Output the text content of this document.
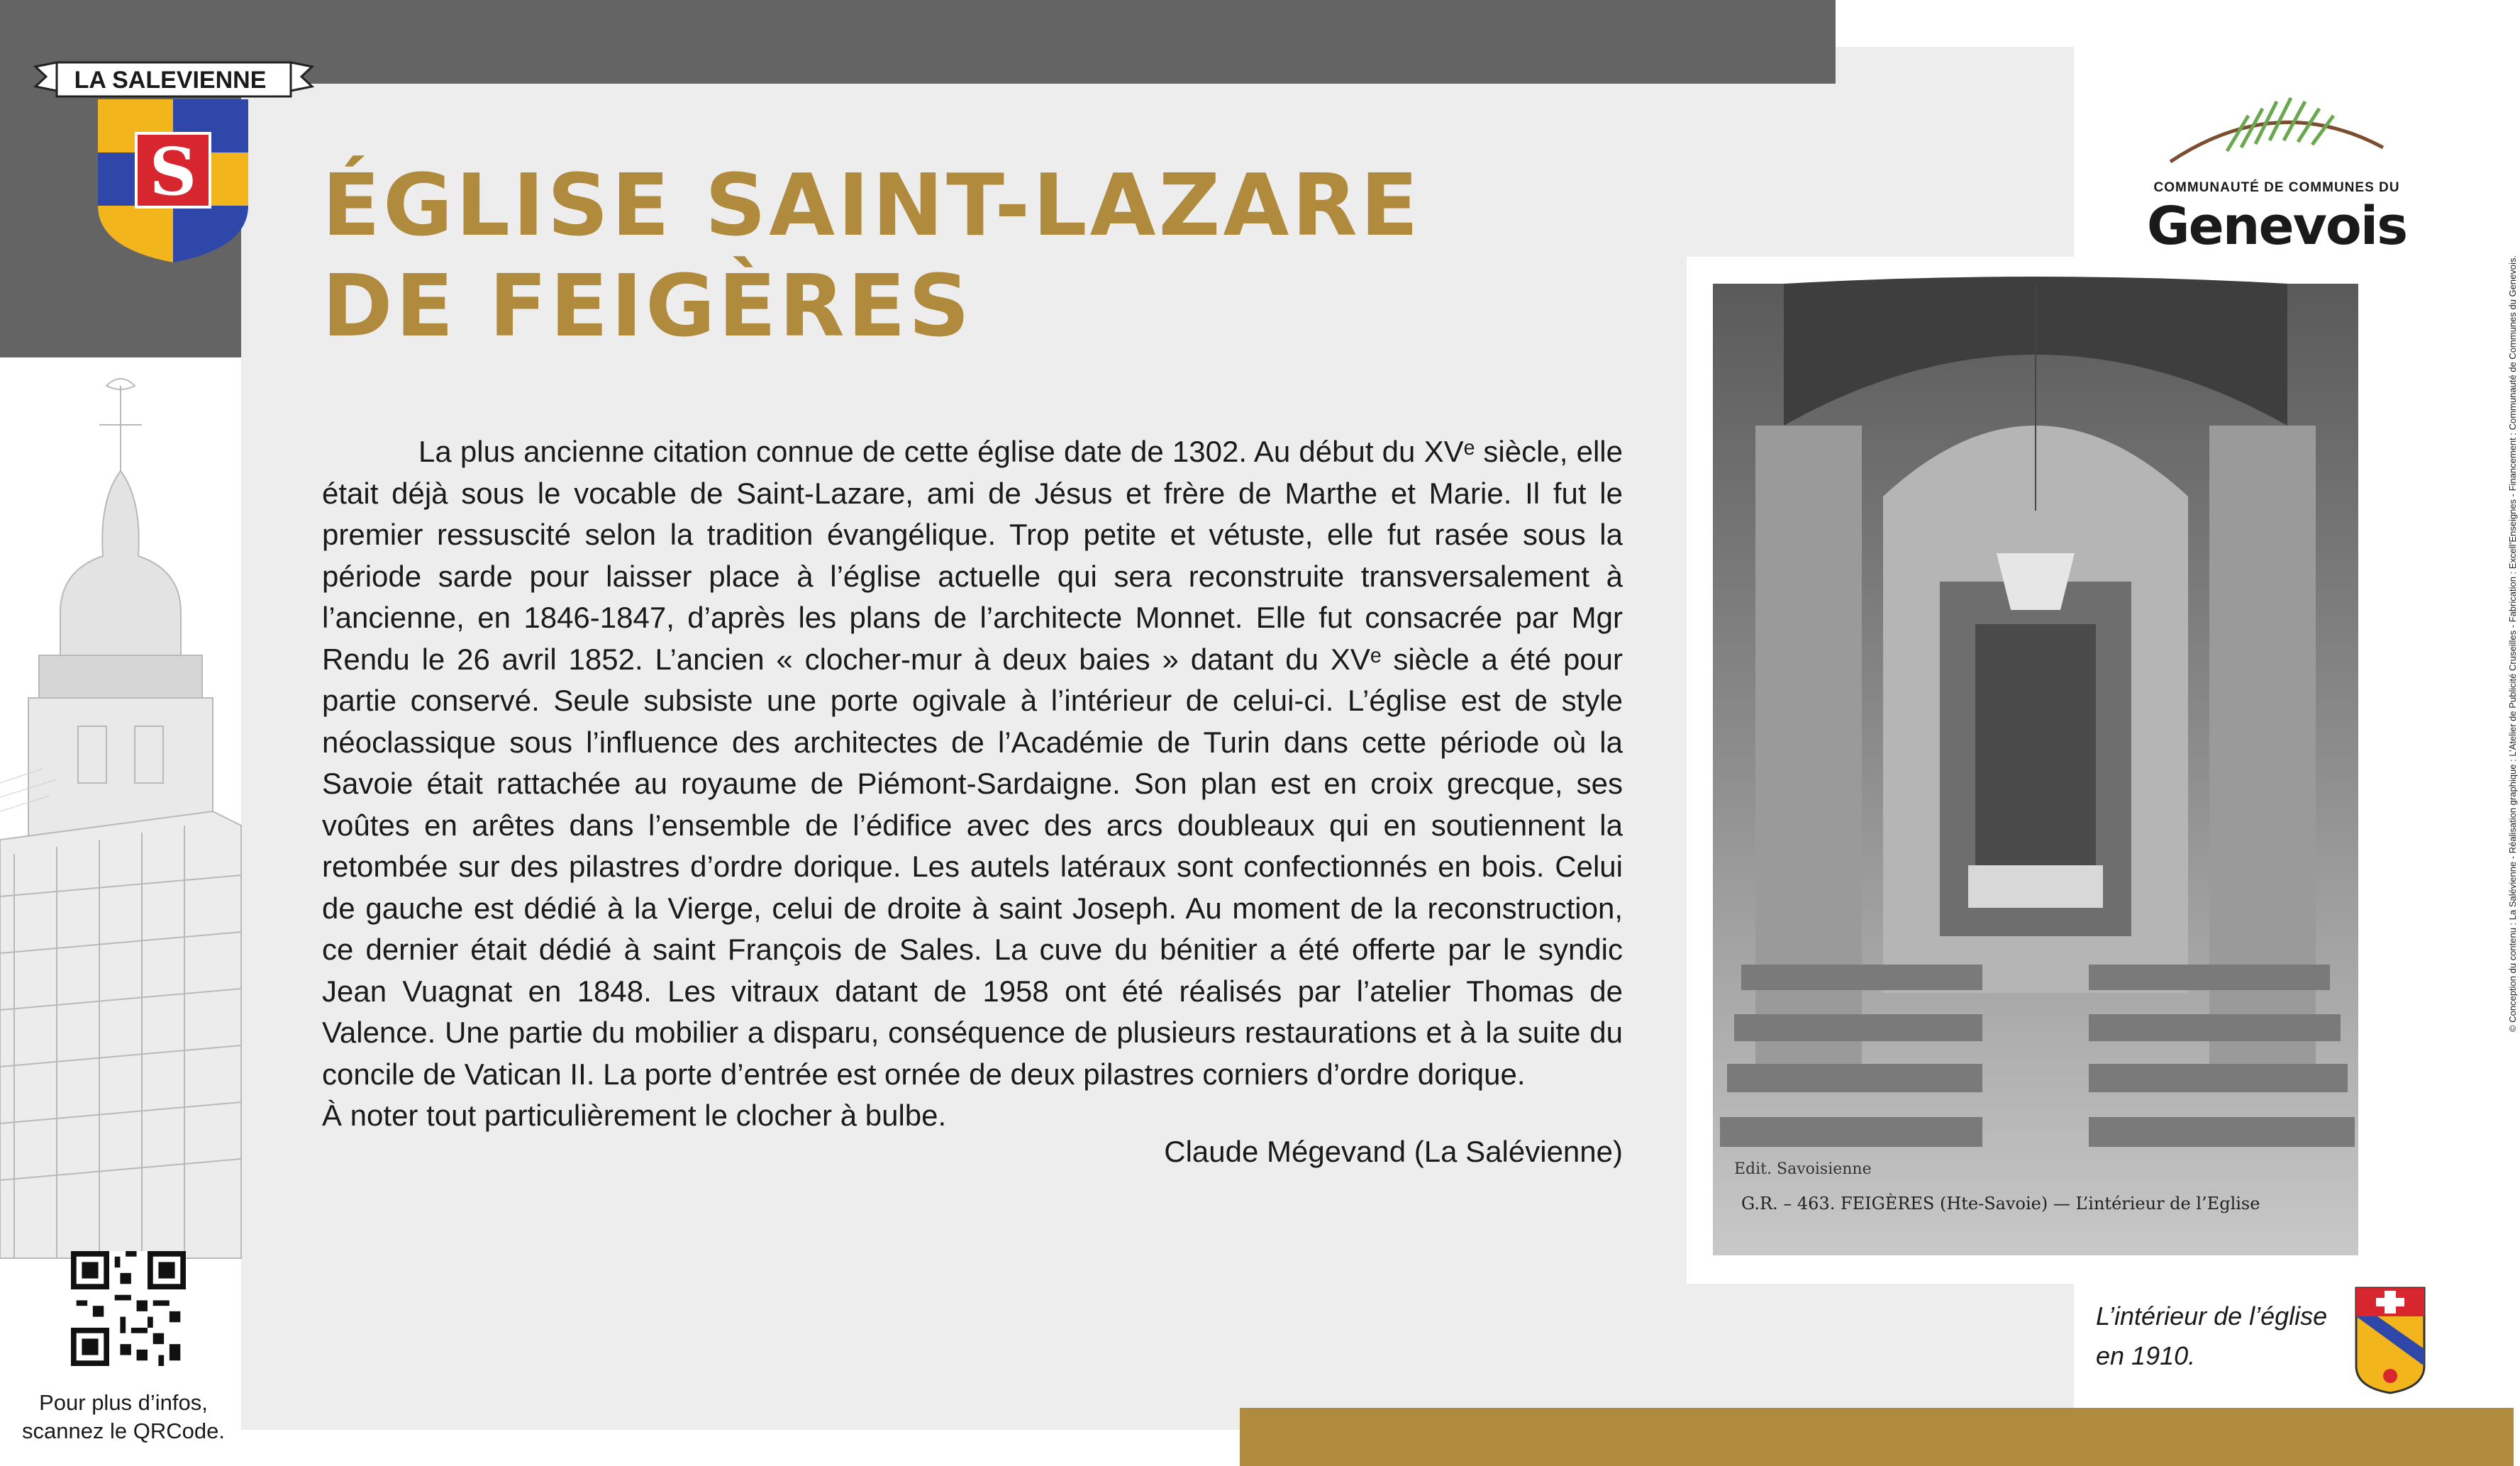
S
LA SALEVIENNE
ÉGLISE SAINT-LAZARE
DE FEIGÈRES

La plus ancienne citation connue de cette église date de 1302. Au début du XVᵉ siècle, elle était déjà sous le vocable de Saint-Lazare, ami de Jésus et frère de Marthe et Marie. Il fut le premier ressuscité selon la tradition évangélique. Trop petite et vétuste, elle fut rasée sous la période sarde pour laisser place à l’église actuelle qui sera reconstruite transversalement à l’ancienne, en 1846-1847, d’après les plans de l’architecte Monnet. Elle fut consacrée par Mgr Rendu le 26 avril 1852. L’ancien « clocher-mur à deux baies » datant du XVᵉ siècle a été pour partie conservé. Seule subsiste une porte ogivale à l’intérieur de celui-ci. L’église est de style néoclassique sous l’influence des architectes de l’Académie de Turin dans cette période où la Savoie était rattachée au royaume de Piémont-Sardaigne. Son plan est en croix grecque, ses voûtes en arêtes dans l’ensemble de l’édifice avec des arcs doubleaux qui en soutiennent la retombée sur des pilastres d’ordre dorique. Les autels latéraux sont confectionnés en bois. Celui de gauche est dédié à la Vierge, celui de droite à saint Joseph. Au moment de la reconstruction, ce dernier était dédié à saint François de Sales. La cuve du bénitier a été offerte par le syndic Jean Vuagnat en 1848. Les vitraux datant de 1958 ont été réalisés par l’atelier Thomas de Valence. Une partie du mobilier a disparu, conséquence de plusieurs restaurations et à la suite du concile de Vatican II. La porte d’entrée est ornée de deux pilastres corniers d’ordre dorique.

À noter tout particulièrement le clocher à bulbe.

Claude Mégevand (La Salévienne)
Edit. Savoisienne
G.R. – 463. FEIGÈRES (Hte-Savoie) — L’intérieur de l’Eglise
L’intérieur de l’église
en 1910.
COMMUNAUTÉ DE COMMUNES DU
Genevois
© Conception du contenu : La Salévienne - Réalisation graphique : L’Atelier de Publicité Cruseilles - Fabrication : Excell’Enseignes - Financement : Communauté de Communes du Genevois.
Pour plus d’infos,
scannez le QRCode.
